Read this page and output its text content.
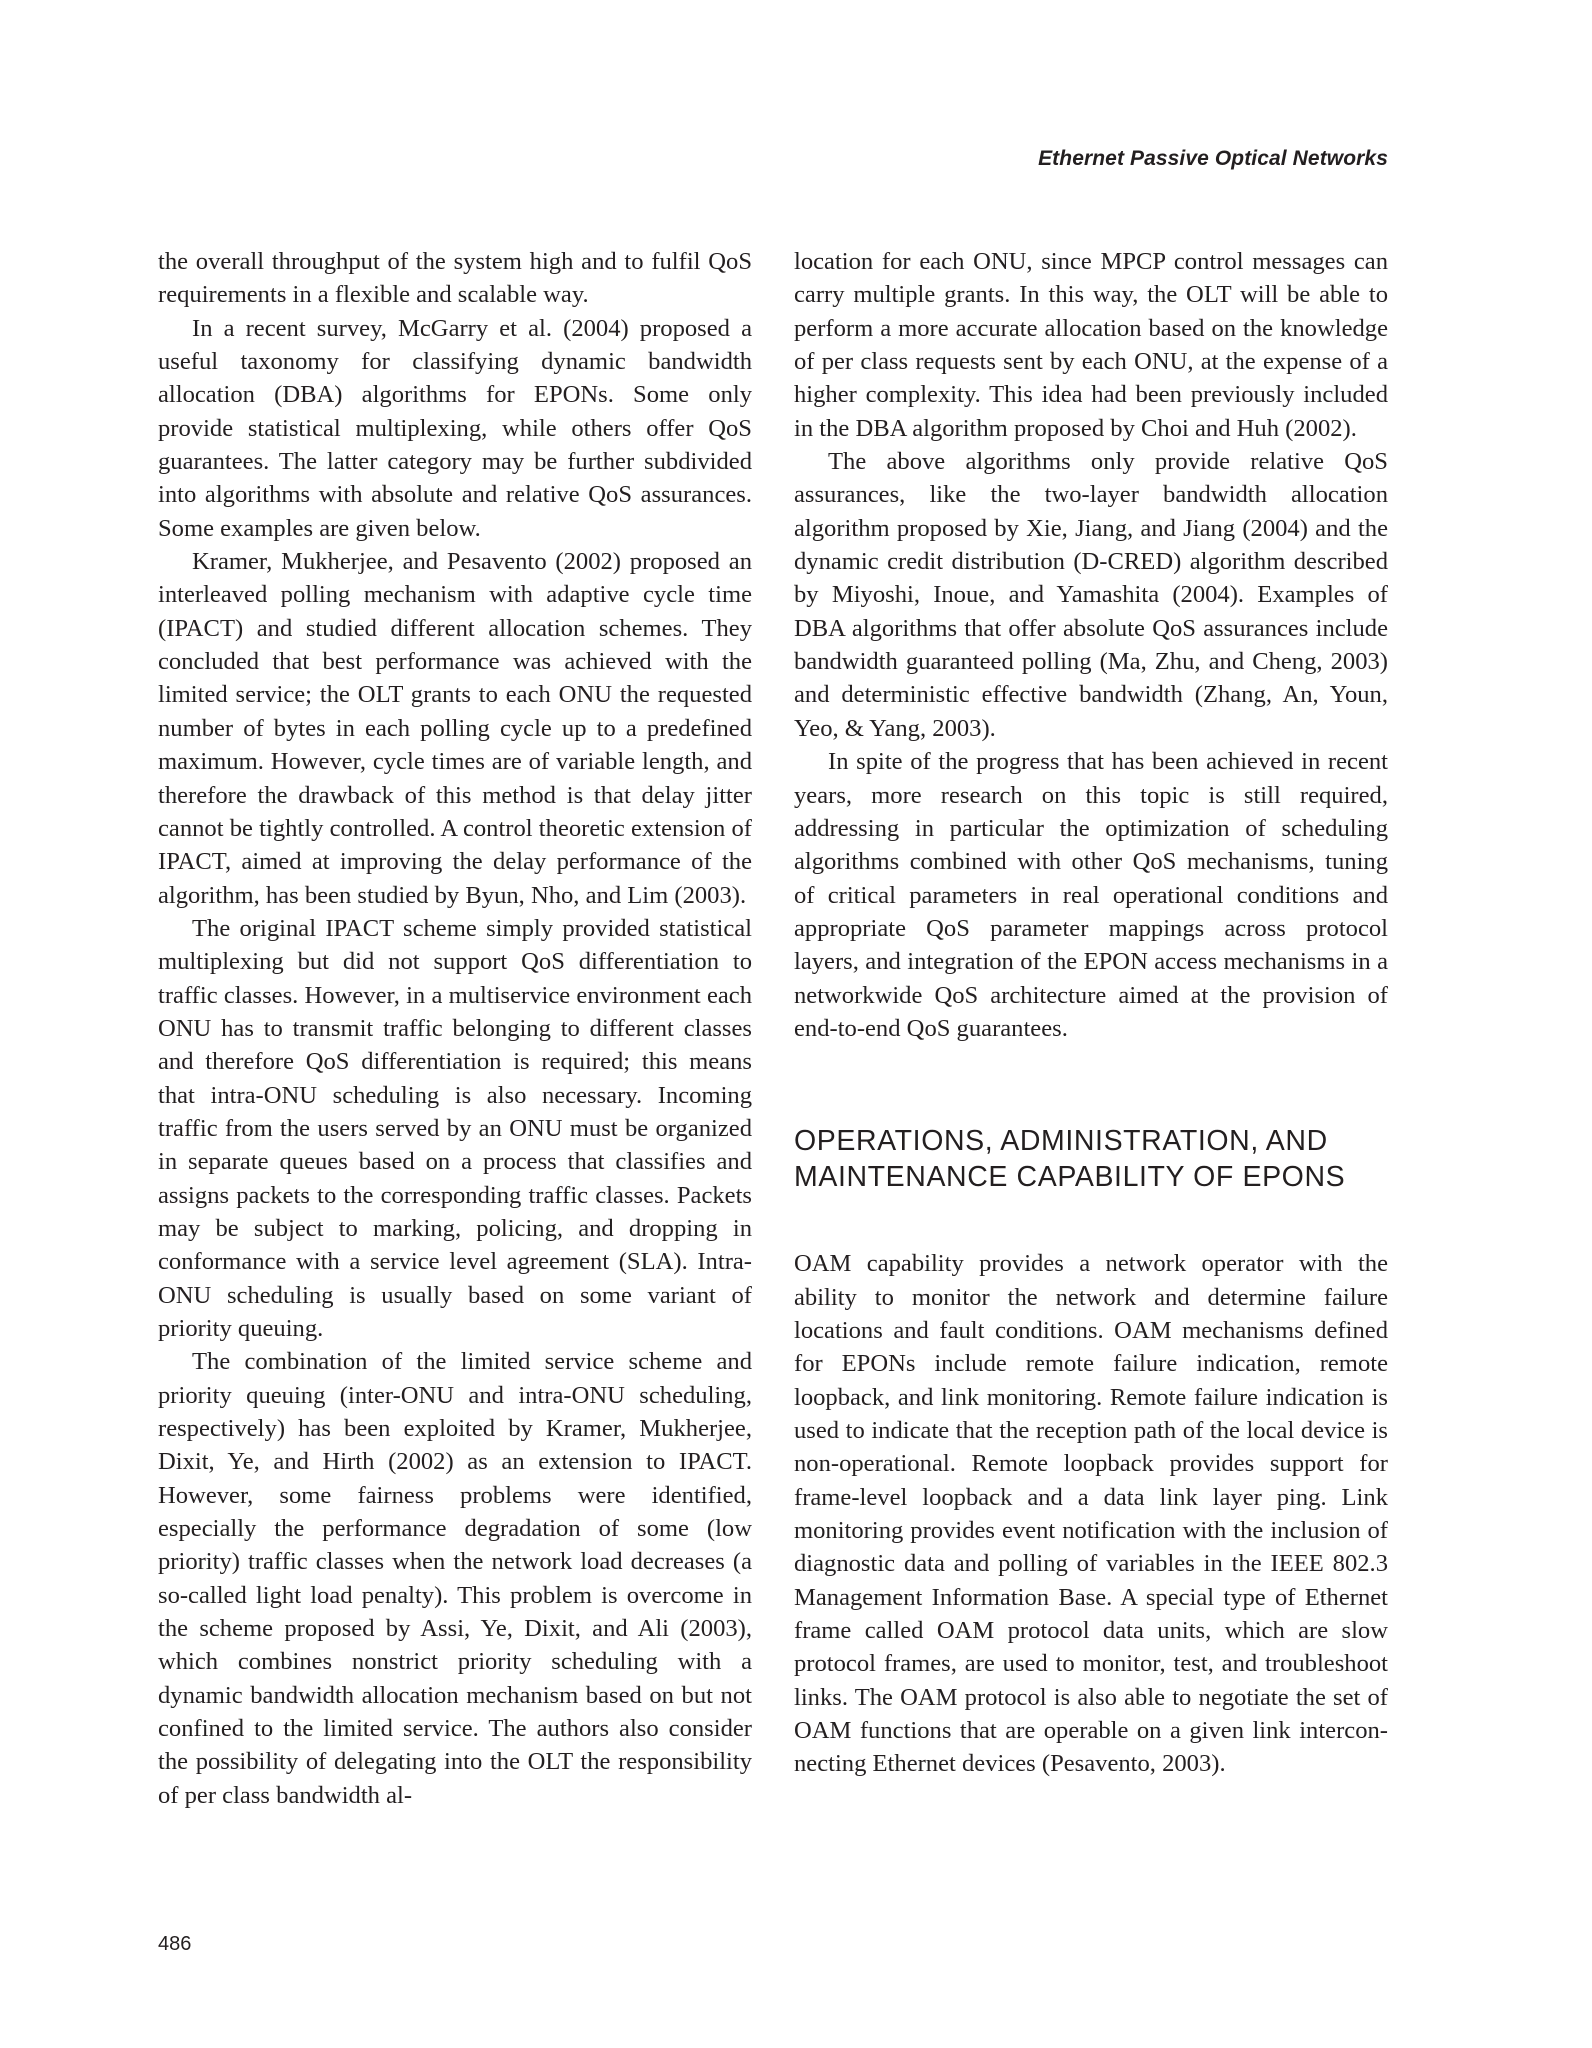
Ethernet Passive Optical Networks

the overall throughput of the system high and to fulfil QoS requirements in a flexible and scalable way.

In a recent survey, McGarry et al. (2004) proposed a useful taxonomy for classifying dynamic bandwidth allocation (DBA) algorithms for EPONs. Some only provide statistical multiplexing, while others offer QoS guarantees. The latter category may be further subdivided into algorithms with absolute and relative QoS assurances. Some examples are given below.

Kramer, Mukherjee, and Pesavento (2002) proposed an interleaved polling mechanism with adaptive cycle time (IPACT) and studied different allocation schemes. They concluded that best performance was achieved with the limited service; the OLT grants to each ONU the requested number of bytes in each polling cycle up to a predefined maximum. However, cycle times are of variable length, and therefore the drawback of this method is that delay jitter cannot be tightly controlled. A control theoretic extension of IPACT, aimed at improving the delay performance of the algorithm, has been studied by Byun, Nho, and Lim (2003).

The original IPACT scheme simply provided statistical multiplexing but did not support QoS differentiation to traffic classes. However, in a multiservice environment each ONU has to transmit traffic belonging to different classes and therefore QoS differentiation is required; this means that intra-ONU scheduling is also necessary. Incoming traffic from the users served by an ONU must be organized in separate queues based on a process that classifies and assigns packets to the corresponding traffic classes. Packets may be subject to marking, policing, and dropping in conformance with a service level agreement (SLA). Intra-ONU scheduling is usually based on some variant of priority queuing.

The combination of the limited service scheme and priority queuing (inter-ONU and intra-ONU scheduling, respectively) has been exploited by Kramer, Mukherjee, Dixit, Ye, and Hirth (2002) as an extension to IPACT. However, some fairness problems were identified, especially the performance degradation of some (low priority) traffic classes when the network load decreases (a so-called light load penalty). This problem is overcome in the scheme proposed by Assi, Ye, Dixit, and Ali (2003), which combines nonstrict priority scheduling with a dynamic bandwidth allocation mechanism based on but not confined to the limited service. The authors also consider the possibility of delegating into the OLT the responsibility of per class bandwidth al-

location for each ONU, since MPCP control messages can carry multiple grants. In this way, the OLT will be able to perform a more accurate allocation based on the knowledge of per class requests sent by each ONU, at the expense of a higher complexity. This idea had been previously included in the DBA algorithm proposed by Choi and Huh (2002).

The above algorithms only provide relative QoS assurances, like the two-layer bandwidth allocation algorithm proposed by Xie, Jiang, and Jiang (2004) and the dynamic credit distribution (D-CRED) algorithm described by Miyoshi, Inoue, and Yamashita (2004). Examples of DBA algorithms that offer absolute QoS assurances include bandwidth guaranteed polling (Ma, Zhu, and Cheng, 2003) and deterministic effective bandwidth (Zhang, An, Youn, Yeo, & Yang, 2003).

In spite of the progress that has been achieved in recent years, more research on this topic is still required, addressing in particular the optimization of scheduling algorithms combined with other QoS mechanisms, tuning of critical parameters in real operational conditions and appropriate QoS parameter mappings across protocol layers, and integration of the EPON access mechanisms in a networkwide QoS architecture aimed at the provision of end-to-end QoS guarantees.

OPERATIONS, ADMINISTRATION, AND
MAINTENANCE CAPABILITY OF EPONS

OAM capability provides a network operator with the ability to monitor the network and determine failure locations and fault conditions. OAM mechanisms defined for EPONs include remote failure indication, remote loopback, and link monitoring. Remote failure indication is used to indicate that the reception path of the local device is non-operational. Remote loopback provides support for frame-level loopback and a data link layer ping. Link monitoring provides event notification with the inclusion of diagnostic data and polling of variables in the IEEE 802.3 Management Information Base. A special type of Ethernet frame called OAM protocol data units, which are slow protocol frames, are used to monitor, test, and troubleshoot links. The OAM protocol is also able to negotiate the set of OAM functions that are operable on a given link interconnecting Ethernet devices (Pesavento, 2003).

486
